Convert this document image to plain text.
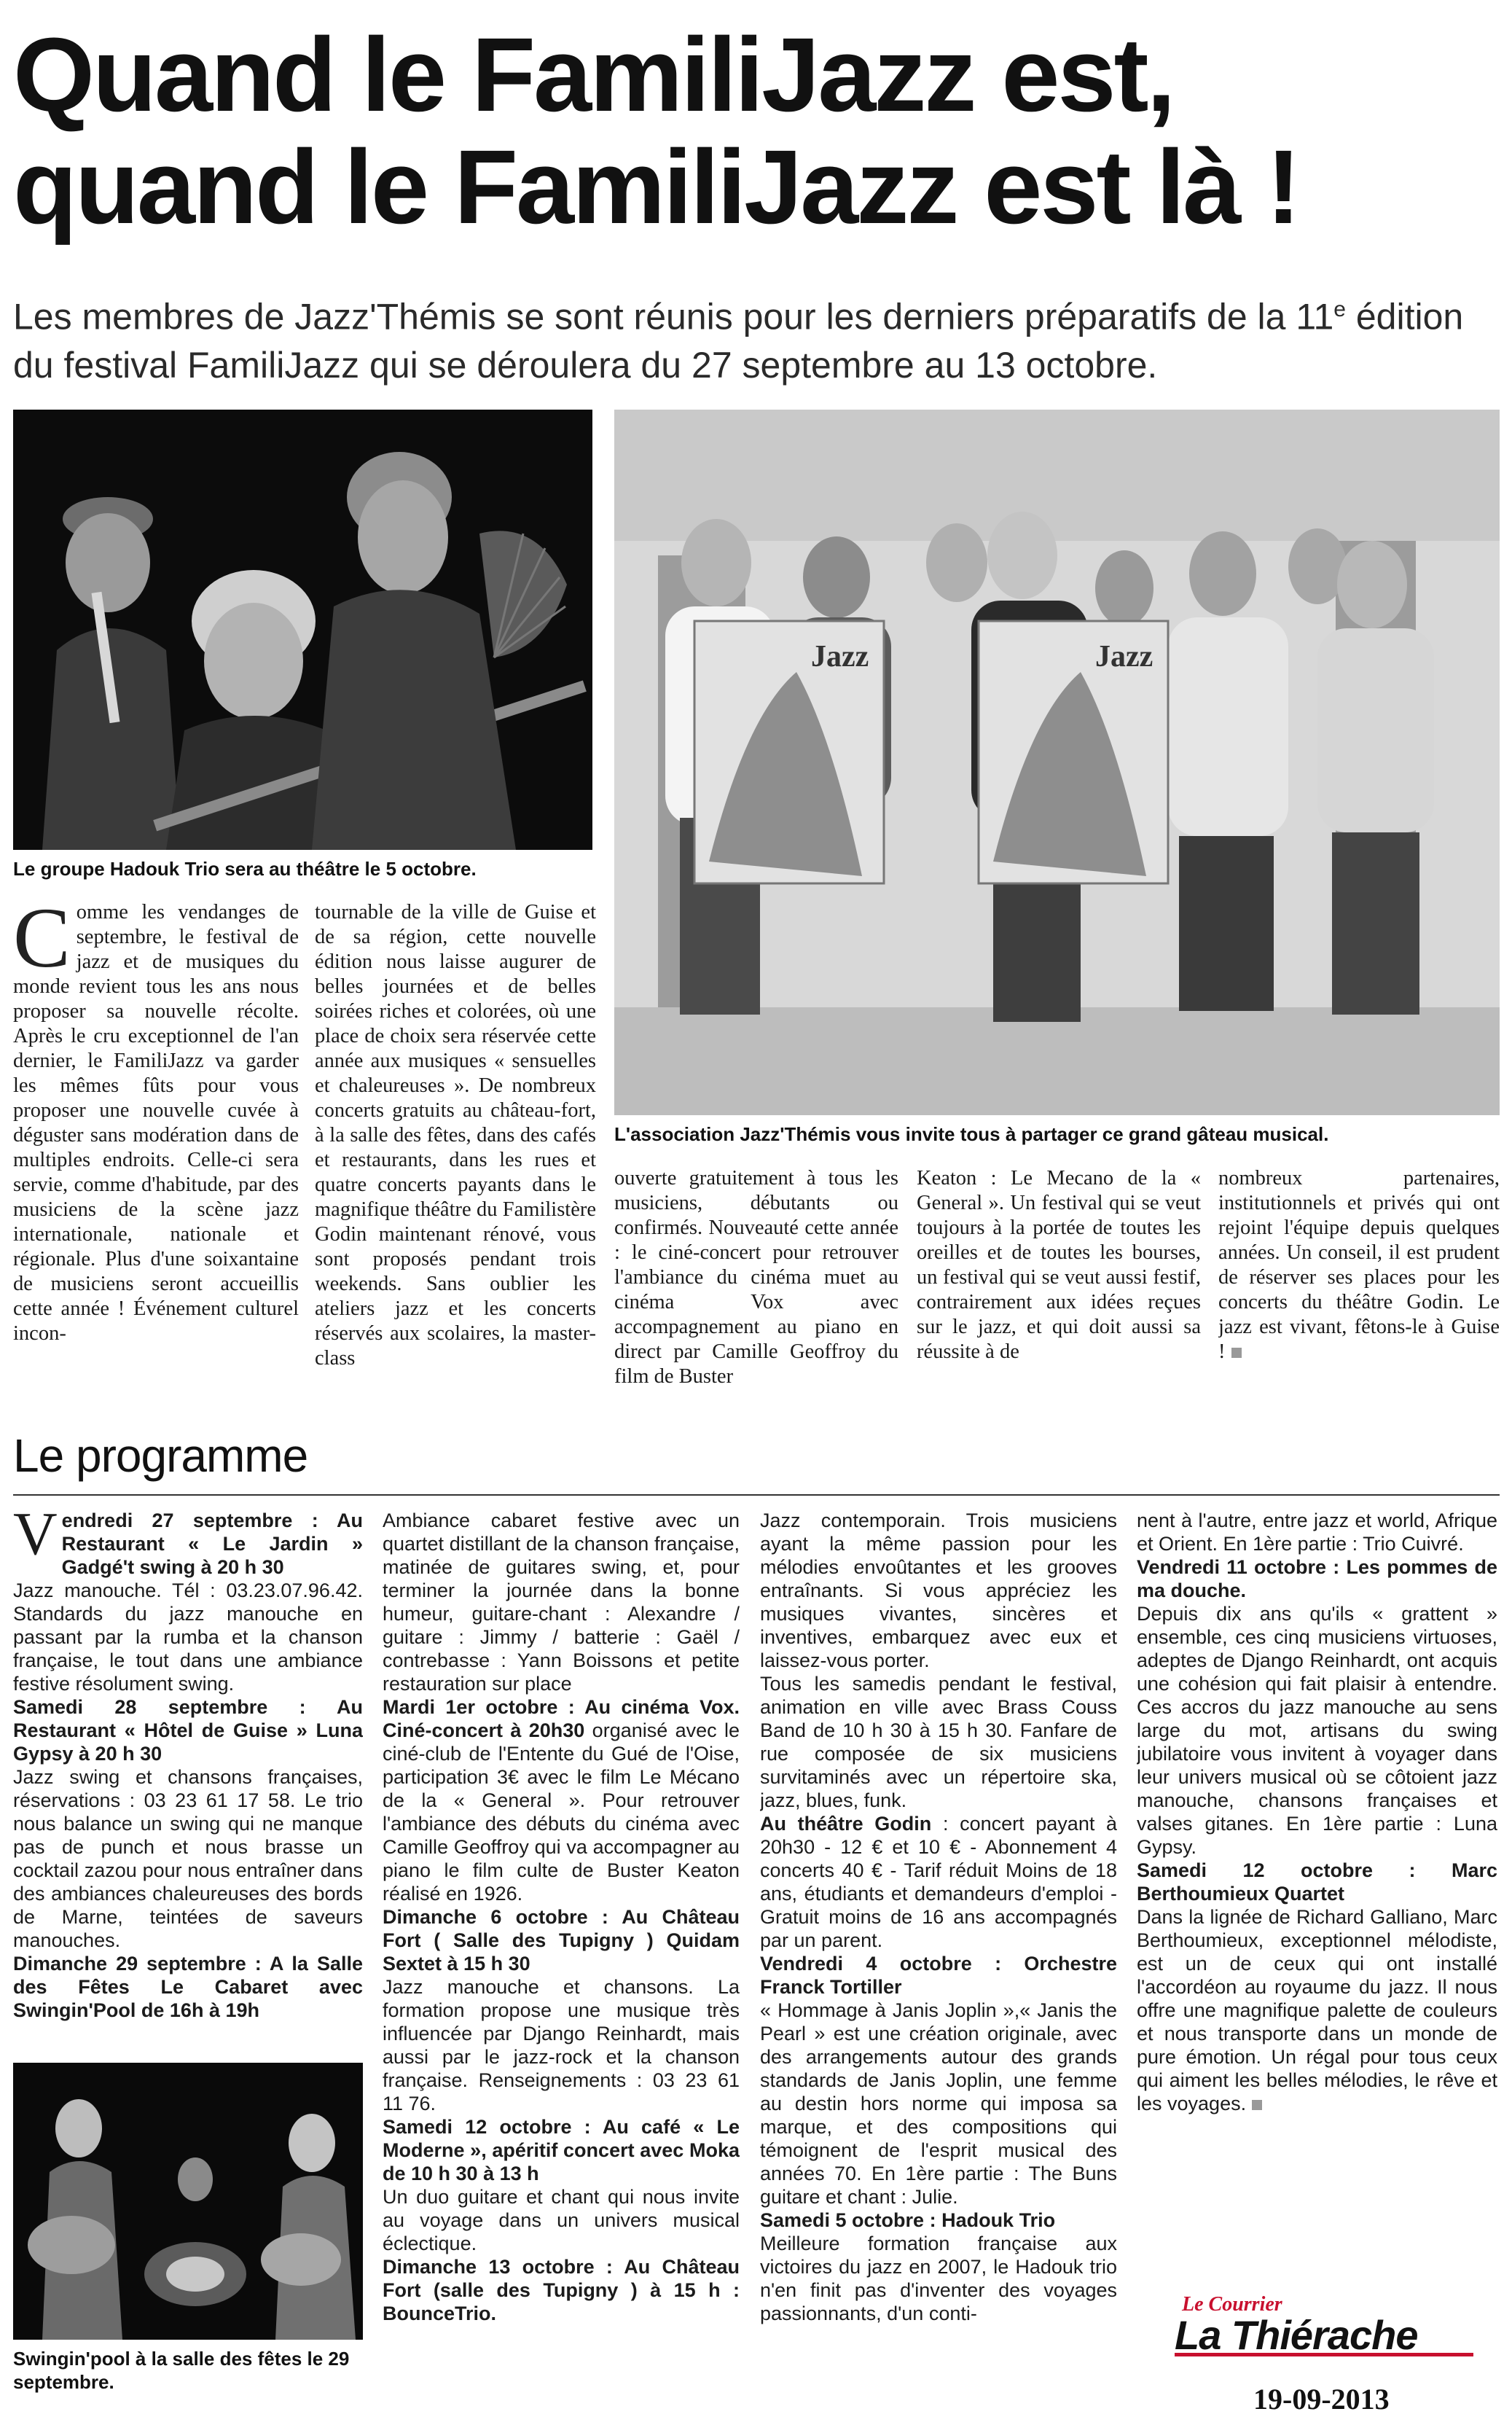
Quand le FamiliJazz est,
quand le FamiliJazz est là !
Les membres de Jazz'Thémis se sont réunis pour les derniers préparatifs de la 11e édition du festival FamiliJazz qui se déroulera du 27 septembre au 13 octobre.
Le groupe Hadouk Trio sera au théâtre le 5 octobre.
Jazz	Jazz
L'association Jazz'Thémis vous invite tous à partager ce grand gâteau musical.
C omme les vendanges de septembre, le festival de jazz et de musiques du monde revient tous les ans nous proposer sa nouvelle récolte. Après le cru exceptionnel de l'an dernier, le FamiliJazz va garder les mêmes fûts pour vous proposer une nouvelle cuvée à déguster sans modération dans de multiples endroits. Celle-ci sera servie, comme d'habitude, par des musiciens de la scène jazz internationale, nationale et régionale. Plus d'une soixantaine de musiciens seront accueillis cette année ! Événement culturel incon-

tournable de la ville de Guise et de sa région, cette nouvelle édition nous laisse augurer de belles journées et de belles soirées riches et colorées, où une place de choix sera réservée cette année aux musiques « sensuelles et chaleureuses ». De nombreux concerts gratuits au château-fort, à la salle des fêtes, dans des cafés et restaurants, dans les rues et quatre concerts payants dans le magnifique théâtre du Familistère Godin maintenant rénové, vous sont proposés pendant trois weekends. Sans oublier les ateliers jazz et les concerts réservés aux scolaires, la master-class

ouverte gratuitement à tous les musiciens, débutants ou confirmés. Nouveauté cette année : le ciné-concert pour retrouver l'ambiance du cinéma muet au cinéma Vox avec accompagnement au piano en direct par Camille Geoffroy du film de Buster

Keaton : Le Mecano de la « General ». Un festival qui se veut toujours à la portée de toutes les oreilles et de toutes les bourses, un festival qui se veut aussi festif, contrairement aux idées reçues sur le jazz, et qui doit aussi sa réussite à de

nombreux partenaires, institutionnels et privés qui ont rejoint l'équipe depuis quelques années. Un conseil, il est prudent de réserver ses places pour les concerts du théâtre Godin. Le jazz est vivant, fêtons-le à Guise !

Le programme

Vendredi 27 septembre : Au Restaurant « Le Jardin » Gadgé't swing à 20 h 30

Jazz manouche. Tél : 03.23.07.96.42. Standards du jazz manouche en passant par la rumba et la chanson française, le tout dans une ambiance festive résolument swing.

Samedi 28 septembre : Au Restaurant « Hôtel de Guise » Luna Gypsy à 20 h 30

Jazz swing et chansons françaises, réservations : 03 23 61 17 58. Le trio nous balance un swing qui ne manque pas de punch et nous brasse un cocktail zazou pour nous entraîner dans des ambiances chaleureuses des bords de Marne, teintées de saveurs manouches.

Dimanche 29 septembre : A la Salle des Fêtes Le Cabaret avec Swingin'Pool de 16h à 19h

Swingin'pool à la salle des fêtes le 29 septembre.

Ambiance cabaret festive avec un quartet distillant de la chanson française, matinée de guitares swing, et, pour terminer la journée dans la bonne humeur, guitare-chant : Alexandre / guitare : Jimmy / batterie : Gaël / contrebasse : Yann Boissons et petite restauration sur place

Mardi 1er octobre : Au cinéma Vox. Ciné-concert à 20h30 organisé avec le ciné-club de l'Entente du Gué de l'Oise, participation 3€ avec le film Le Mécano de la « General ». Pour retrouver l'ambiance des débuts du cinéma avec Camille Geoffroy qui va accompagner au piano le film culte de Buster Keaton réalisé en 1926.

Dimanche 6 octobre : Au Château Fort ( Salle des Tupigny ) Quidam Sextet à 15 h 30

Jazz manouche et chansons. La formation propose une musique très influencée par Django Reinhardt, mais aussi par le jazz-rock et la chanson française. Renseignements : 03 23 61 11 76.

Samedi 12 octobre : Au café « Le Moderne », apéritif concert avec Moka de 10 h 30 à 13 h

Un duo guitare et chant qui nous invite au voyage dans un univers musical éclectique.

Dimanche 13 octobre : Au Château Fort (salle des Tupigny ) à 15 h : BounceTrio.

Jazz contemporain. Trois musiciens ayant la même passion pour les mélodies envoûtantes et les grooves entraînants. Si vous appréciez les musiques vivantes, sincères et inventives, embarquez avec eux et laissez-vous porter.

Tous les samedis pendant le festival, animation en ville avec Brass Couss Band de 10 h 30 à 15 h 30. Fanfare de rue composée de six musiciens survitaminés avec un répertoire ska, jazz, blues, funk.

Au théâtre Godin : concert payant à 20h30 - 12 € et 10 € - Abonnement 4 concerts 40 € - Tarif réduit Moins de 18 ans, étudiants et demandeurs d'emploi - Gratuit moins de 16 ans accompagnés par un parent.

Vendredi 4 octobre : Orchestre Franck Tortiller

« Hommage à Janis Joplin »,« Janis the Pearl » est une création originale, avec des arrangements autour des grands standards de Janis Joplin, une femme au destin hors norme qui imposa sa marque, et des compositions qui témoignent de l'esprit musical des années 70. En 1ère partie : The Buns guitare et chant : Julie.

Samedi 5 octobre : Hadouk Trio

Meilleure formation française aux victoires du jazz en 2007, le Hadouk trio n'en finit pas d'inventer des voyages passionnants, d'un conti-

nent à l'autre, entre jazz et world, Afrique et Orient. En 1ère partie : Trio Cuivré.

Vendredi 11 octobre : Les pommes de ma douche.

Depuis dix ans qu'ils « grattent » ensemble, ces cinq musiciens virtuoses, adeptes de Django Reinhardt, ont acquis une cohésion qui fait plaisir à entendre. Ces accros du jazz manouche au sens large du mot, artisans du swing jubilatoire vous invitent à voyager dans leur univers musical où se côtoient jazz manouche, chansons françaises et valses gitanes. En 1ère partie : Luna Gypsy.

Samedi 12 octobre : Marc Berthoumieux Quartet

Dans la lignée de Richard Galliano, Marc Berthoumieux, exceptionnel mélodiste, est un de ceux qui ont installé l'accordéon au royaume du jazz. Il nous offre une magnifique palette de couleurs et nous transporte dans un monde de pure émotion. Un régal pour tous ceux qui aiment les belles mélodies, le rêve et les voyages.

Le Courrier
La Thiérache
19-09-2013
